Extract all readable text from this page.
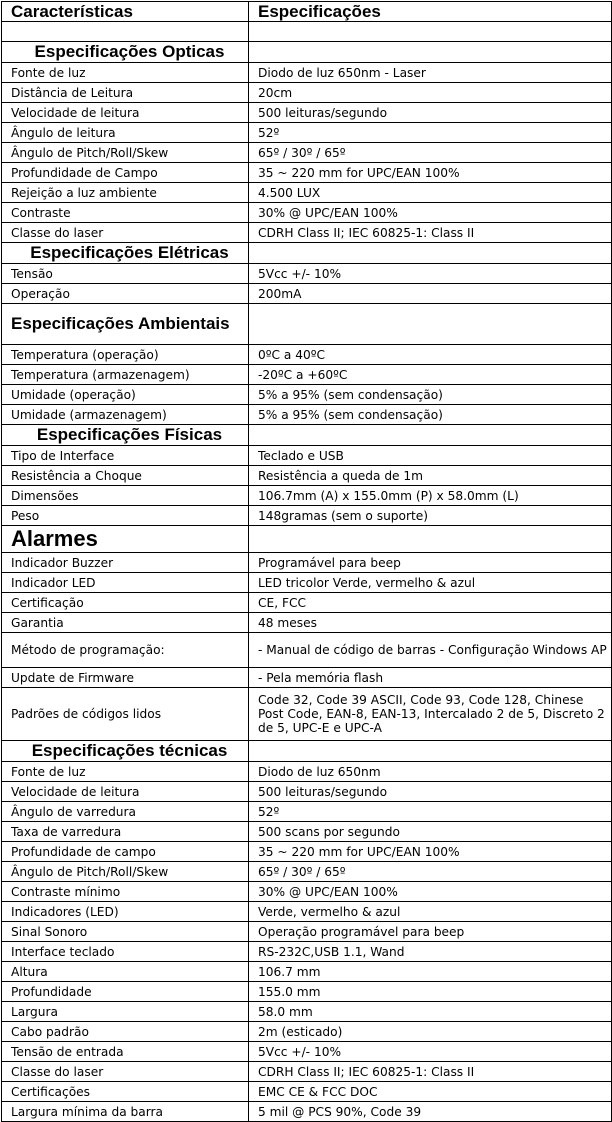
Características	Especificações

Especificações Opticas	
Fonte de luz	Diodo de luz 650nm - Laser
Distância de Leitura	20cm
Velocidade de leitura	500 leituras/segundo
Ângulo de leitura	52º
Ângulo de Pitch/Roll/Skew	65º / 30º / 65º
Profundidade de Campo	35 ~ 220 mm for UPC/EAN 100%
Rejeição a luz ambiente	4.500 LUX
Contraste	30% @ UPC/EAN 100%
Classe do laser	CDRH Class II; IEC 60825-1: Class II
Especificações Elétricas	
Tensão	5Vcc +/- 10%
Operação	200mA
Especificações Ambientais	
Temperatura (operação)	0ºC a 40ºC
Temperatura (armazenagem)	-20ºC a +60ºC
Umidade (operação)	5% a 95% (sem condensação)
Umidade (armazenagem)	5% a 95% (sem condensação)
Especificações Físicas	
Tipo de Interface	Teclado e USB
Resistência a Choque	Resistência a queda de 1m
Dimensões	106.7mm (A) x 155.0mm (P) x 58.0mm (L)
Peso	148gramas (sem o suporte)
Alarmes	
Indicador Buzzer	Programável para beep
Indicador LED	LED tricolor Verde, vermelho & azul
Certificação	CE, FCC
Garantia	48 meses
Método de programação:	- Manual de código de barras - Configuração Windows AP
Update de Firmware	- Pela memória flash
Padrões de códigos lidos	Code 32, Code 39 ASCII, Code 93, Code 128, Chinese Post Code, EAN-8, EAN-13, Intercalado 2 de 5, Discreto 2 de 5, UPC-E e UPC-A
Especificações técnicas	
Fonte de luz	Diodo de luz 650nm
Velocidade de leitura	500 leituras/segundo
Ângulo de varredura	52º
Taxa de varredura	500 scans por segundo
Profundidade de campo	35 ~ 220 mm for UPC/EAN 100%
Ângulo de Pitch/Roll/Skew	65º / 30º / 65º
Contraste mínimo	30% @ UPC/EAN 100%
Indicadores (LED)	Verde, vermelho & azul
Sinal Sonoro	Operação programável para beep
Interface teclado	RS-232C,USB 1.1, Wand
Altura	106.7 mm
Profundidade	155.0 mm
Largura	58.0 mm
Cabo padrão	2m (esticado)
Tensão de entrada	5Vcc +/- 10%
Classe do laser	CDRH Class II; IEC 60825-1: Class II
Certificações	EMC CE & FCC DOC
Largura mínima da barra	5 mil @ PCS 90%, Code 39
